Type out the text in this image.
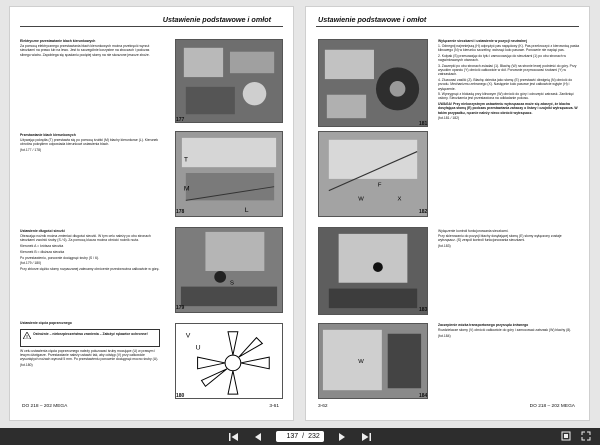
Ustawienie podstawowe i omłot
Elektryczne przestawianie blach kierunkowych
Za pomocą elektrycznego przestawiania blach kierunkowych można przekręcić wyrzut sieczkarni na prawo lub na lewo. Jest to szczególnie korzystne na zboczach i podczas silnego wiatru. Zapobiega się spadaniu pociętej słomy na nie skoszone jeszcze zboże.
177
Przestawianie blach kierunkowych
Używając pokrętła (T) przestawia się po pomocą śrubki (M) blachy kierunkowe (L). Kierunek obrotów pokrętłem odpowiada kierunkowi ustawienia blach.
(fot.177 / 178)
T
M
L
178
Ustawienie długości sieczki
Obracając nożnik można zmieniać długości sieczki. W tym celu należy po obu stronach sieczkarni zwolnić śruby (S / 6). Za pomocą klucza można obrócić nożnik noża.
Kierunek A = krótsza sieczka
Kierunek B = dłuższa sieczka
Po przestawieniu, ponownie dociągnąć śruby (S / 6).
(fot.179 / 180)
Przy zbiorze ciężko słomy rozpaczanej zalecamy obrócenie przeciwnożna całkowicie w górę.
S
179
Ustawienie cięcia poprzecznego
!
Ostrożnie – niebezpieczeństwo zranienia – Założyć rękawice ochronne!
W celu ustawienia cięcia poprzecznego należy poluzować śruby mocujące (U) w prawym i lewym dźwigarze. Przestawianie należy ustawić tak, aby odstęp (V) przy całkowicie wysuniętych nożach wynosił 5 mm. Po przestawieniu ponownie dociągnąć mocno śruby (U).
(fot.180)
V
U
180
DO 218 – 202 MEGA	3-61
Ustawienie podstawowe i omłot
181
F
W	X
182
183
W
184
Wyłączenie sieczkarni i ustawienie w pozycji neutralnej
1. Odnegnij najmniejszą (H) odprężyć pas napędowy (K). Pas przekroczyć z kierownicą paska klinowego (N) w kierunku szczeliny, wcisnąć koło pasowe. Ponownie nie napiąć pas.
2. Kołpak (S) przesuwając do tyłu i zamocowując do sieczkarni (1) po obu stronach w nagwintowanych otworach.
3. Zaczepki po obu stronach zsiadać (1). Błachę (W) na stronie lewej podnieść do góry. Przy wysokim oparciu (Y) obrócić całkowicie w dół. Ponownie przymocować śrubami (Y) w zatrzaskach.
4. Zluzować zasilić (Z). Błachę dziecka jako słomę (E) przestawić dźwignią (N) obrócić do przodu. Mechanizmu zebranego (X). Następnie koło pasowe jest całkowicie wyjęte (H) i wyłączenie.
5. Wyrzygnąć z blokadą przy klinowym (W) obrócić do góry i odrczepić zatrzask. Zaniknięć osłony. Sieczkarnia jest przestawiona na odkładanie pokosu.
UWAGA! Przy niekorzystnym ustawieniu wytrząsacza może się zdarzyć, że blacha dosyłająca słomę (E) podczas przestawiania zahaczy o listwy i czujniki wytrząsacza. W takim przypadku, ręcznie należy nieco obrócić wytrząsacz.
(fot.181 / 182)
Wyłączenie kontroli funkcjonowania sieczkarni.
Przy skierowaniu do pozycji blachy dosyłającej słomę (E) słomy wyłączony zostaje wytrząsacz. (S) zespół kontroli funkcjonowania sieczkarni.
(fot.183)
Zaczepienie wózka transportowego przyrządu żniwnego
Rozdzielacze słomy (V) obrócić całkowicie do góry i zamocować zatrzask (W) blachy (8).
(fot.184)
3-62	DO 218 – 202 MEGA
137
/ 232
